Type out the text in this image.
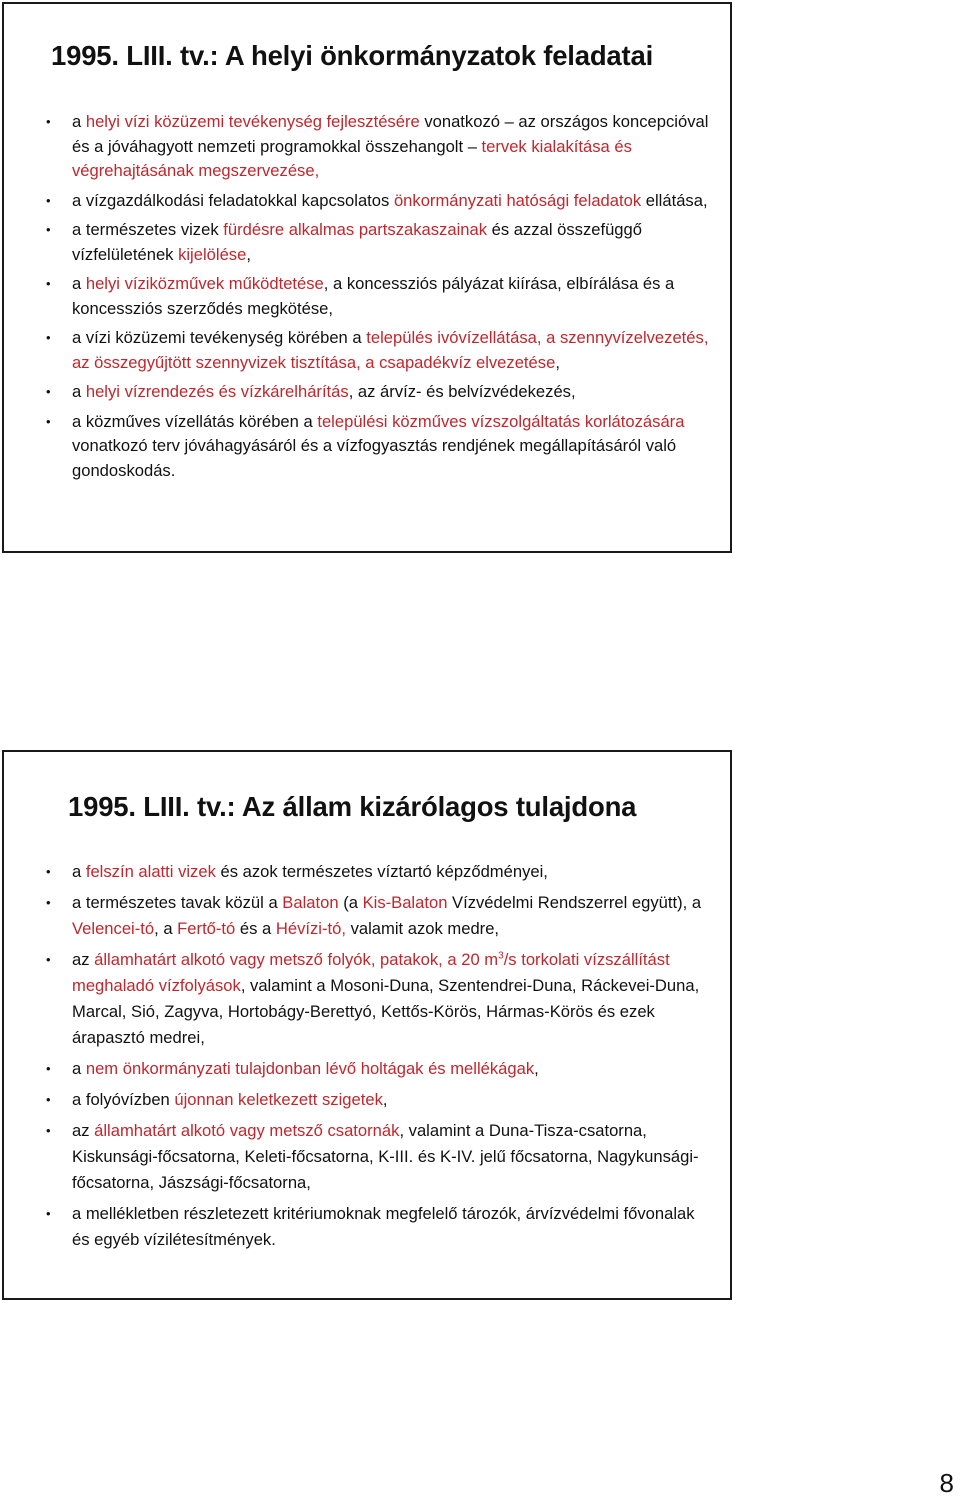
1995. LIII. tv.: A helyi önkormányzatok feladatai
• a helyi vízi közüzemi tevékenység fejlesztésére vonatkozó – az országos koncepcióval és a jóváhagyott nemzeti programokkal összehangolt – tervek kialakítása és végrehajtásának megszervezése,
• a vízgazdálkodási feladatokkal kapcsolatos önkormányzati hatósági feladatok ellátása,
• a természetes vizek fürdésre alkalmas partszakaszainak és azzal összefüggő vízfelületének kijelölése,
• a helyi víziközművek működtetése, a koncessziós pályázat kiírása, elbírálása és a koncessziós szerződés megkötése,
• a vízi közüzemi tevékenység körében a település ivóvízellátása, a szennyvízelvezetés, az összegyűjtött szennyvizek tisztítása, a csapadékvíz elvezetése,
• a helyi vízrendezés és vízkárelhárítás, az árvíz- és belvízvédekezés,
• a közműves vízellátás körében a települési közműves vízszolgáltatás korlátozására vonatkozó terv jóváhagyásáról és a vízfogyasztás rendjének megállapításáról való gondoskodás.
1995. LIII. tv.: Az állam kizárólagos tulajdona
• a felszín alatti vizek és azok természetes víztartó képződményei,
• a természetes tavak közül a Balaton (a Kis-Balaton Vízvédelmi Rendszerrel együtt), a Velencei-tó, a Fertő-tó és a Hévízi-tó, valamit azok medre,
• az államhatárt alkotó vagy metsző folyók, patakok, a 20 $m^3/s$ torkolati vízszállítást meghaladó vízfolyások, valamint a Mosoni-Duna, Szentendrei-Duna, Ráckevei-Duna, Marcal, Sió, Zagyva, Hortobágy-Berettyó, Kettős-Körös, Hármas-Körös és ezek árapasztó medrei,
• a nem önkormányzati tulajdonban lévő holtágak és mellékágak,
• a folyóvízben újonnan keletkezett szigetek,
• az államhatárt alkotó vagy metsző csatornák, valamint a Duna-Tisza-csatorna, Kiskunsági-főcsatorna, Keleti-főcsatorna, K-III. és K-IV. jelű főcsatorna, Nagykunsági-főcsatorna, Jászsági-főcsatorna,
• a mellékletben részletezett kritériumoknak megfelelő tározók, árvízvédelmi fővonalak és egyéb vízilétesítmények.
8
